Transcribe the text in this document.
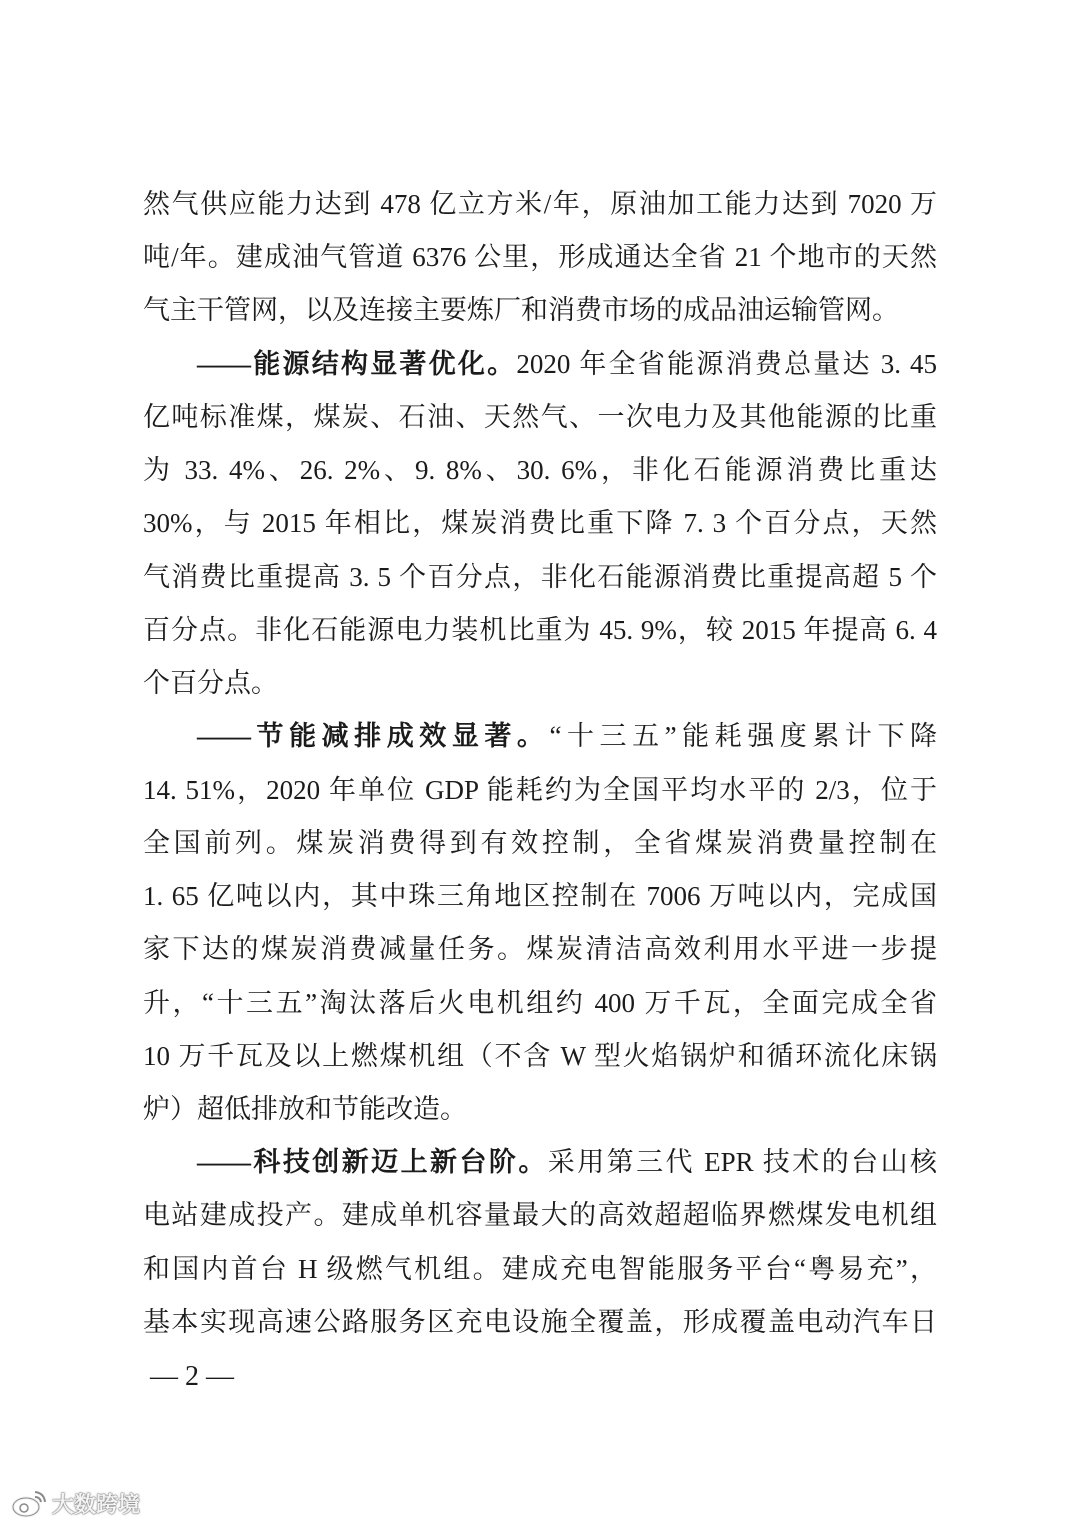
然气供应能力达到 478 亿立方米/年，原油加工能力达到 7020 万
吨/年。建成油气管道 6376 公里，形成通达全省 21 个地市的天然
气主干管网，以及连接主要炼厂和消费市场的成品油运输管网。
——能源结构显著优化。2020 年全省能源消费总量达 3. 45
亿吨标准煤，煤炭、石油、天然气、一次电力及其他能源的比重
为 33. 4%、26. 2%、9. 8%、30. 6%，非化石能源消费比重达
30%，与 2015 年相比，煤炭消费比重下降 7. 3 个百分点，天然
气消费比重提高 3. 5 个百分点，非化石能源消费比重提高超 5 个
百分点。非化石能源电力装机比重为 45. 9%，较 2015 年提高 6. 4
个百分点。
——节能减排成效显著。“十三五”能耗强度累计下降
14. 51%，2020 年单位 GDP 能耗约为全国平均水平的 2/3，位于
全国前列。煤炭消费得到有效控制，全省煤炭消费量控制在
1. 65 亿吨以内，其中珠三角地区控制在 7006 万吨以内，完成国
家下达的煤炭消费减量任务。煤炭清洁高效利用水平进一步提
升，“十三五”淘汰落后火电机组约 400 万千瓦，全面完成全省
10 万千瓦及以上燃煤机组（不含 W 型火焰锅炉和循环流化床锅
炉）超低排放和节能改造。
——科技创新迈上新台阶。采用第三代 EPR 技术的台山核
电站建成投产。建成单机容量最大的高效超超临界燃煤发电机组
和国内首台 H 级燃气机组。建成充电智能服务平台“粤易充”，
基本实现高速公路服务区充电设施全覆盖，形成覆盖电动汽车日
— 2 —
大数跨境
